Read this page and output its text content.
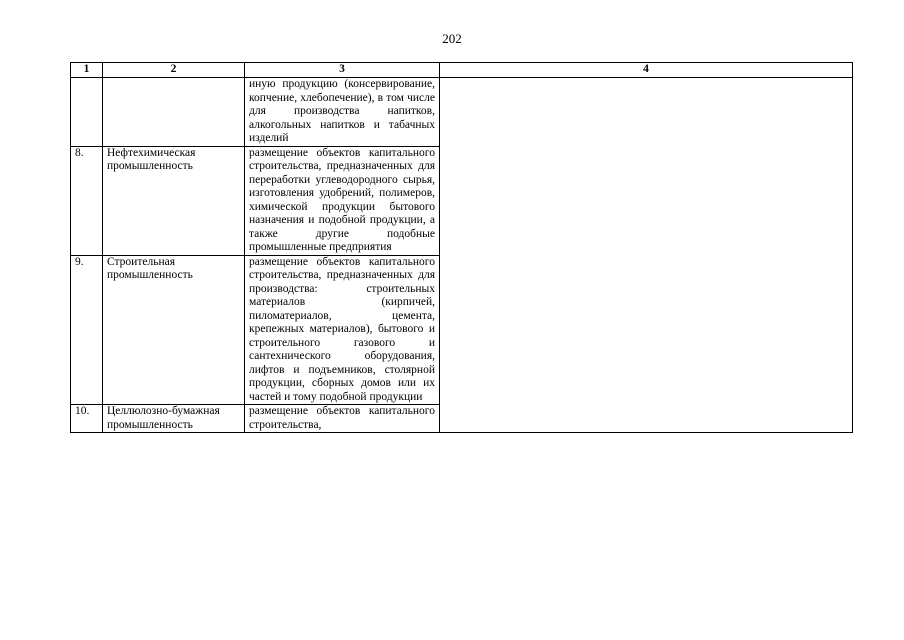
202
1	2	3	4
		иную продукцию (консервирование, копчение, хлебопечение), в том числе для производства напитков, алкогольных напитков и табачных изделий	
8.	Нефтехимическая промышленность	размещение объектов капитального строительства, предназначенных для переработки углеводородного сырья, изготовления удобрений, полимеров, химической продукции бытового назначения и подобной продукции, а также другие подобные промышленные предприятия	
9.	Строительная промышленность	размещение объектов капитального строительства, предназначенных для производства: строительных материалов (кирпичей, пиломатериалов, цемента, крепежных материалов), бытового и строительного газового и сантехнического оборудования, лифтов и подъемников, столярной продукции, сборных домов или их частей и тому подобной продукции	
10.	Целлюлозно-бумажная промышленность	размещение объектов капитального строительства,	
